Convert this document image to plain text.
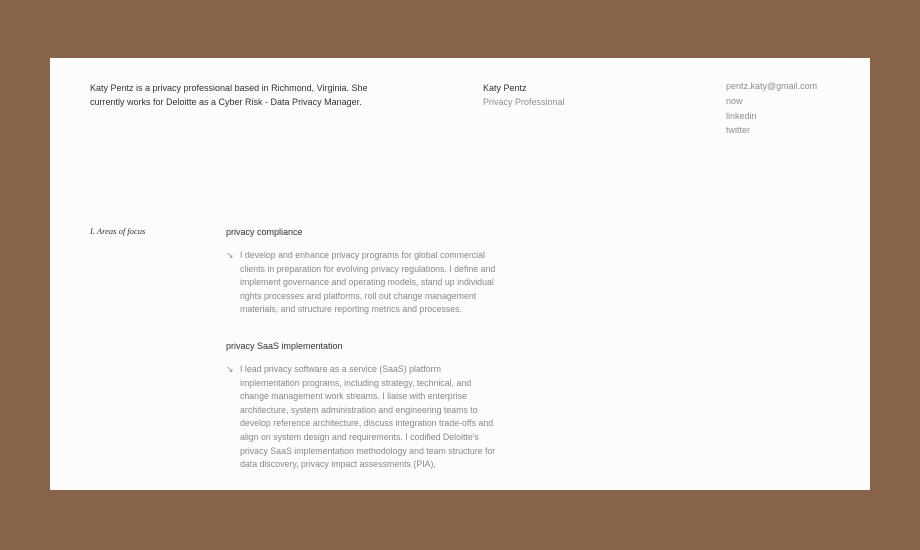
Katy Pentz is a privacy professional based in Richmond, Virginia. She currently works for Deloitte as a Cyber Risk - Data Privacy Manager.

Katy Pentz
Privacy Professional
pentz.katy@gmail.com
now
linkedin
twitter
I. Areas of focus	privacy compliance
↘ I develop and enhance privacy programs for global commercial clients in preparation for evolving privacy regulations. I define and implement governance and operating models, stand up individual rights processes and platforms, roll out change management materials, and structure reporting metrics and processes.
privacy SaaS implementation
↘ I lead privacy software as a service (SaaS) platform implementation programs, including strategy, technical, and change management work streams. I liaise with enterprise architecture, system administration and engineering teams to develop reference architecture, discuss integration trade-offs and align on system design and requirements. I codified Deloitte's privacy SaaS implementation methodology and team structure for data discovery, privacy impact assessments (PIA),
